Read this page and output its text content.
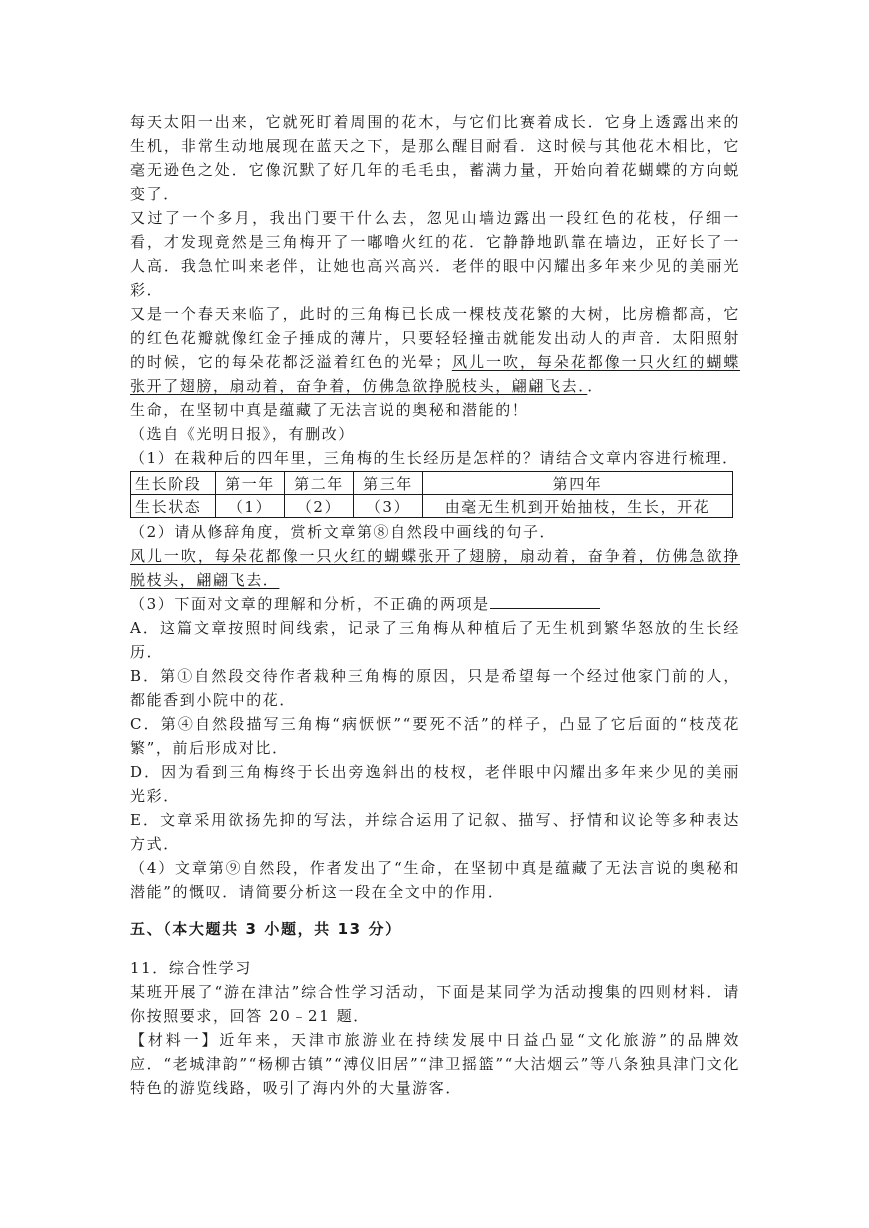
每天太阳一出来，它就死盯着周围的花木，与它们比赛着成长．它身上透露出来的生机，非常生动地展现在蓝天之下，是那么醒目耐看．这时候与其他花木相比，它毫无逊色之处．它像沉默了好几年的毛毛虫，蓄满力量，开始向着花蝴蝶的方向蜕变了．

又过了一个多月，我出门要干什么去，忽见山墙边露出一段红色的花枝，仔细一看，才发现竟然是三角梅开了一嘟噜火红的花．它静静地趴靠在墙边，正好长了一人高．我急忙叫来老伴，让她也高兴高兴．老伴的眼中闪耀出多年来少见的美丽光彩．

又是一个春天来临了，此时的三角梅已长成一棵枝茂花繁的大树，比房檐都高，它的红色花瓣就像红金子捶成的薄片，只要轻轻撞击就能发出动人的声音．太阳照射的时候，它的每朵花都泛溢着红色的光晕；风儿一吹，每朵花都像一只火红的蝴蝶张开了翅膀，扇动着，奋争着，仿佛急欲挣脱枝头，翩翩飞去．．

生命，在坚韧中真是蕴藏了无法言说的奥秘和潜能的！

（选自《光明日报》，有删改）

（1）在栽种后的四年里，三角梅的生长经历是怎样的？请结合文章内容进行梳理．

生长阶段	第一年	第二年	第三年	第四年
生长状态	（1）	（2）	（3）	由毫无生机到开始抽枝，生长，开花

（2）请从修辞角度，赏析文章第⑧自然段中画线的句子．

风儿一吹，每朵花都像一只火红的蝴蝶张开了翅膀，扇动着，奋争着，仿佛急欲挣脱枝头，翩翩飞去．

（3）下面对文章的理解和分析，不正确的两项是

A．这篇文章按照时间线索，记录了三角梅从种植后了无生机到繁华怒放的生长经历．

B．第①自然段交待作者栽种三角梅的原因，只是希望每一个经过他家门前的人，都能香到小院中的花．

C．第④自然段描写三角梅“病恹恹”“要死不活”的样子，凸显了它后面的“枝茂花繁”，前后形成对比．

D．因为看到三角梅终于长出旁逸斜出的枝杈，老伴眼中闪耀出多年来少见的美丽光彩．

E．文章采用欲扬先抑的写法，并综合运用了记叙、描写、抒情和议论等多种表达方式．

（4）文章第⑨自然段，作者发出了“生命，在坚韧中真是蕴藏了无法言说的奥秘和潜能”的慨叹．请简要分析这一段在全文中的作用．

五、（本大题共 3 小题，共 13 分）

11．综合性学习

某班开展了“游在津沽”综合性学习活动，下面是某同学为活动搜集的四则材料．请你按照要求，回答 20﹣21 题．

【材料一】近年来，天津市旅游业在持续发展中日益凸显“文化旅游”的品牌效应．“老城津韵”“杨柳古镇”“溥仪旧居”“津卫摇篮”“大沽烟云”等八条独具津门文化特色的游览线路，吸引了海内外的大量游客．
